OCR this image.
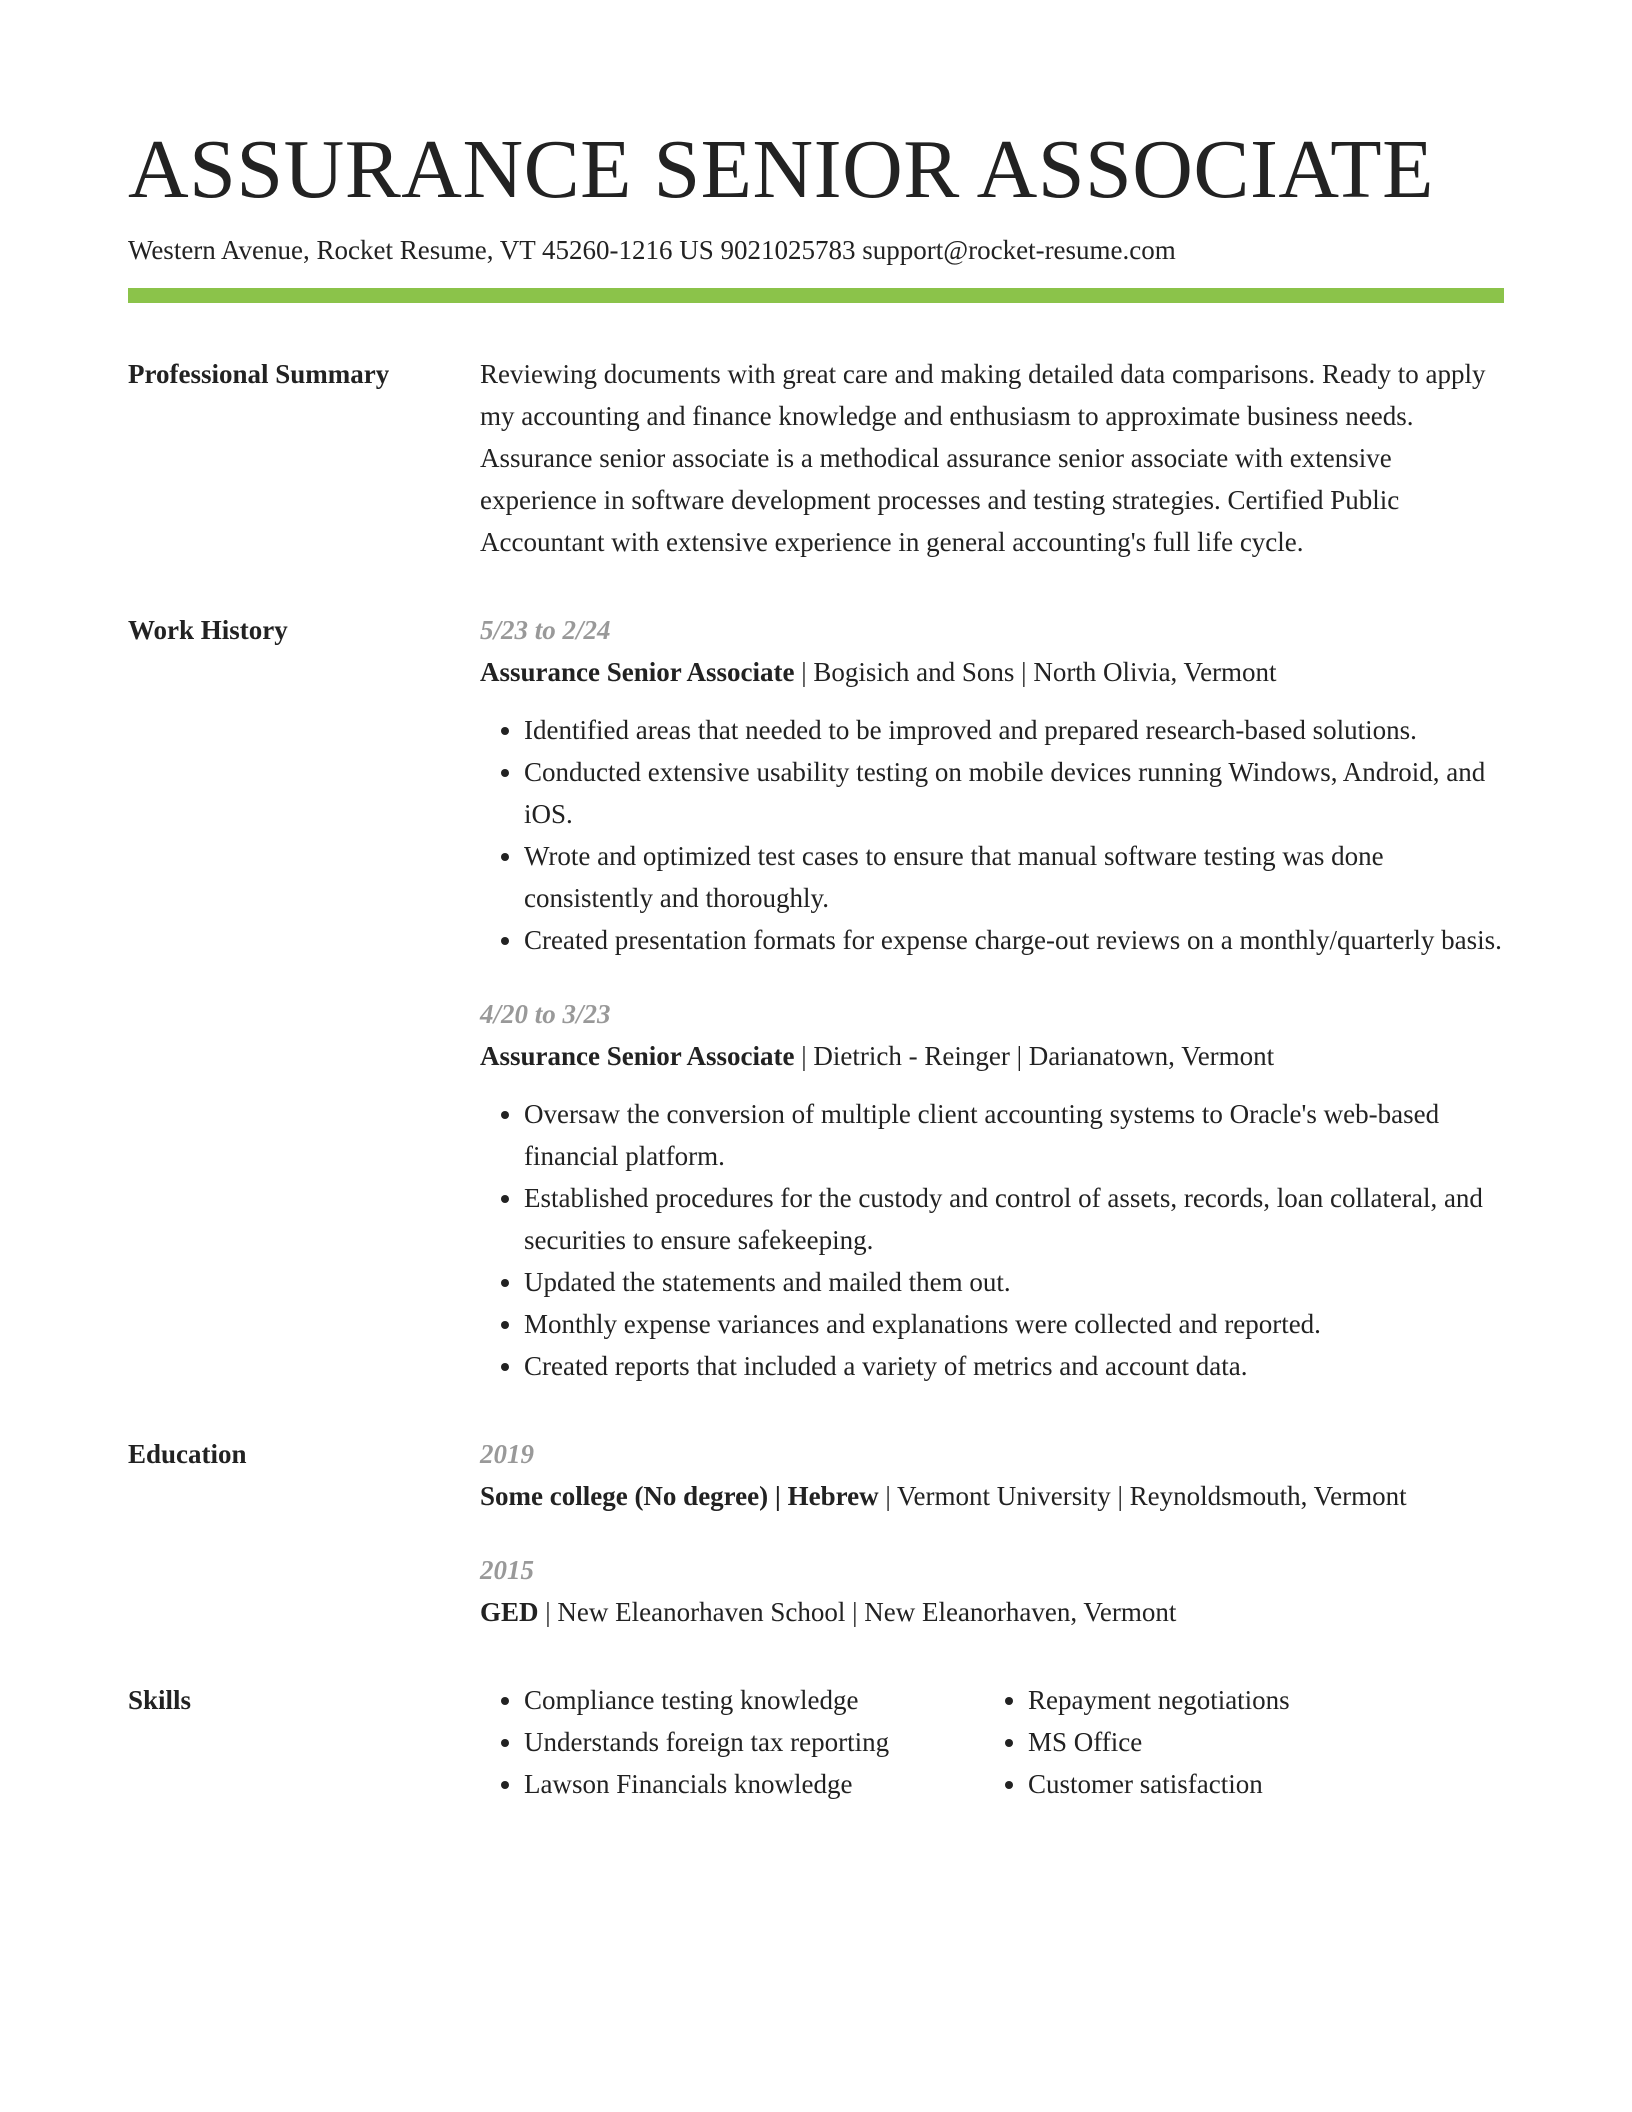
ASSURANCE SENIOR ASSOCIATE
Western Avenue, Rocket Resume, VT 45260-1216 US 9021025783 support@rocket-resume.com
Professional Summary	Reviewing documents with great care and making detailed data comparisons. Ready to apply my accounting and finance knowledge and enthusiasm to approximate business needs. Assurance senior associate is a methodical assurance senior associate with extensive experience in software development processes and testing strategies. Certified Public Accountant with extensive experience in general accounting's full life cycle.

Work History	5/23 to 2/24
Assurance Senior Associate | Bogisich and Sons | North Olivia, Vermont
• Identified areas that needed to be improved and prepared research-based solutions.
• Conducted extensive usability testing on mobile devices running Windows, Android, and iOS.
• Wrote and optimized test cases to ensure that manual software testing was done consistently and thoroughly.
• Created presentation formats for expense charge-out reviews on a monthly/quarterly basis.
4/20 to 3/23
Assurance Senior Associate | Dietrich - Reinger | Darianatown, Vermont
• Oversaw the conversion of multiple client accounting systems to Oracle's web-based financial platform.
• Established procedures for the custody and control of assets, records, loan collateral, and securities to ensure safekeeping.
• Updated the statements and mailed them out.
• Monthly expense variances and explanations were collected and reported.
• Created reports that included a variety of metrics and account data.
Education	2019
Some college (No degree) | Hebrew | Vermont University | Reynoldsmouth, Vermont
2015
GED | New Eleanorhaven School | New Eleanorhaven, Vermont
Skills
•	Compliance testing knowledge
• Understands foreign tax reporting
• Lawson Financials knowledge
• Repayment negotiations
• MS Office
• Customer satisfaction
